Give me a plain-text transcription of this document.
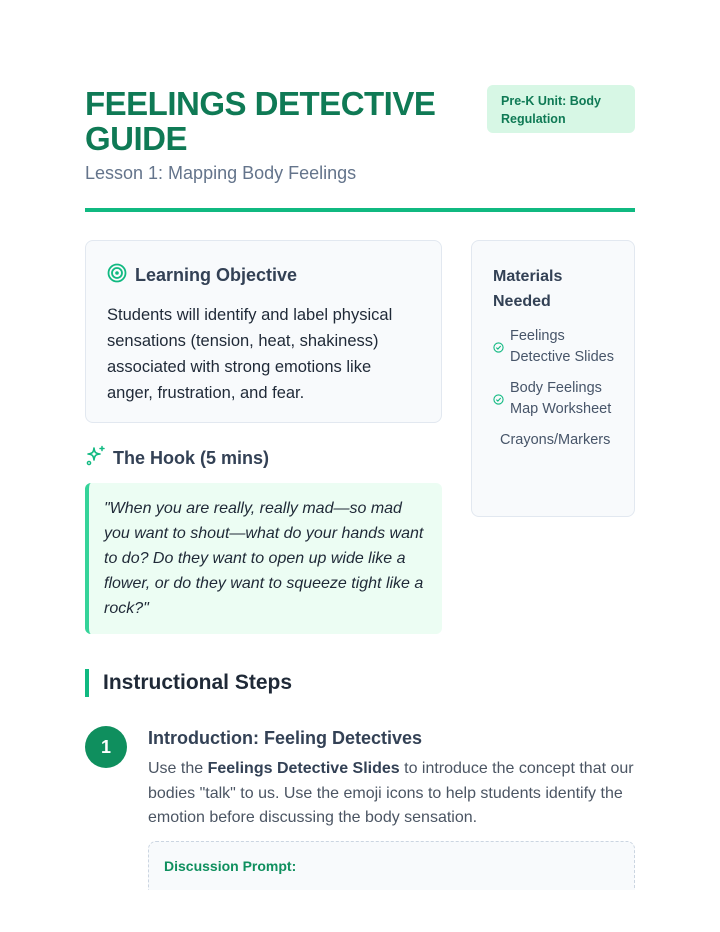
FEELINGS DETECTIVE GUIDE
Lesson 1: Mapping Body Feelings
Pre-K Unit: Body Regulation
Learning Objective

Students will identify and label physical sensations (tension, heat, shakiness) associated with strong emotions like anger, frustration, and fear.

Materials Needed
Feelings Detective Slides
Body Feelings Map Worksheet
Crayons/Markers
The Hook (5 mins)
"When you are really, really mad—so mad you want to shout—what do your hands want to do? Do they want to open up wide like a flower, or do they want to squeeze tight like a rock?"
Instructional Steps
1	Introduction: Feeling Detectives

Use the Feelings Detective Slides to introduce the concept that our bodies "talk" to us. Use the emoji icons to help students identify the emotion before discussing the body sensation.

Discussion Prompt:
